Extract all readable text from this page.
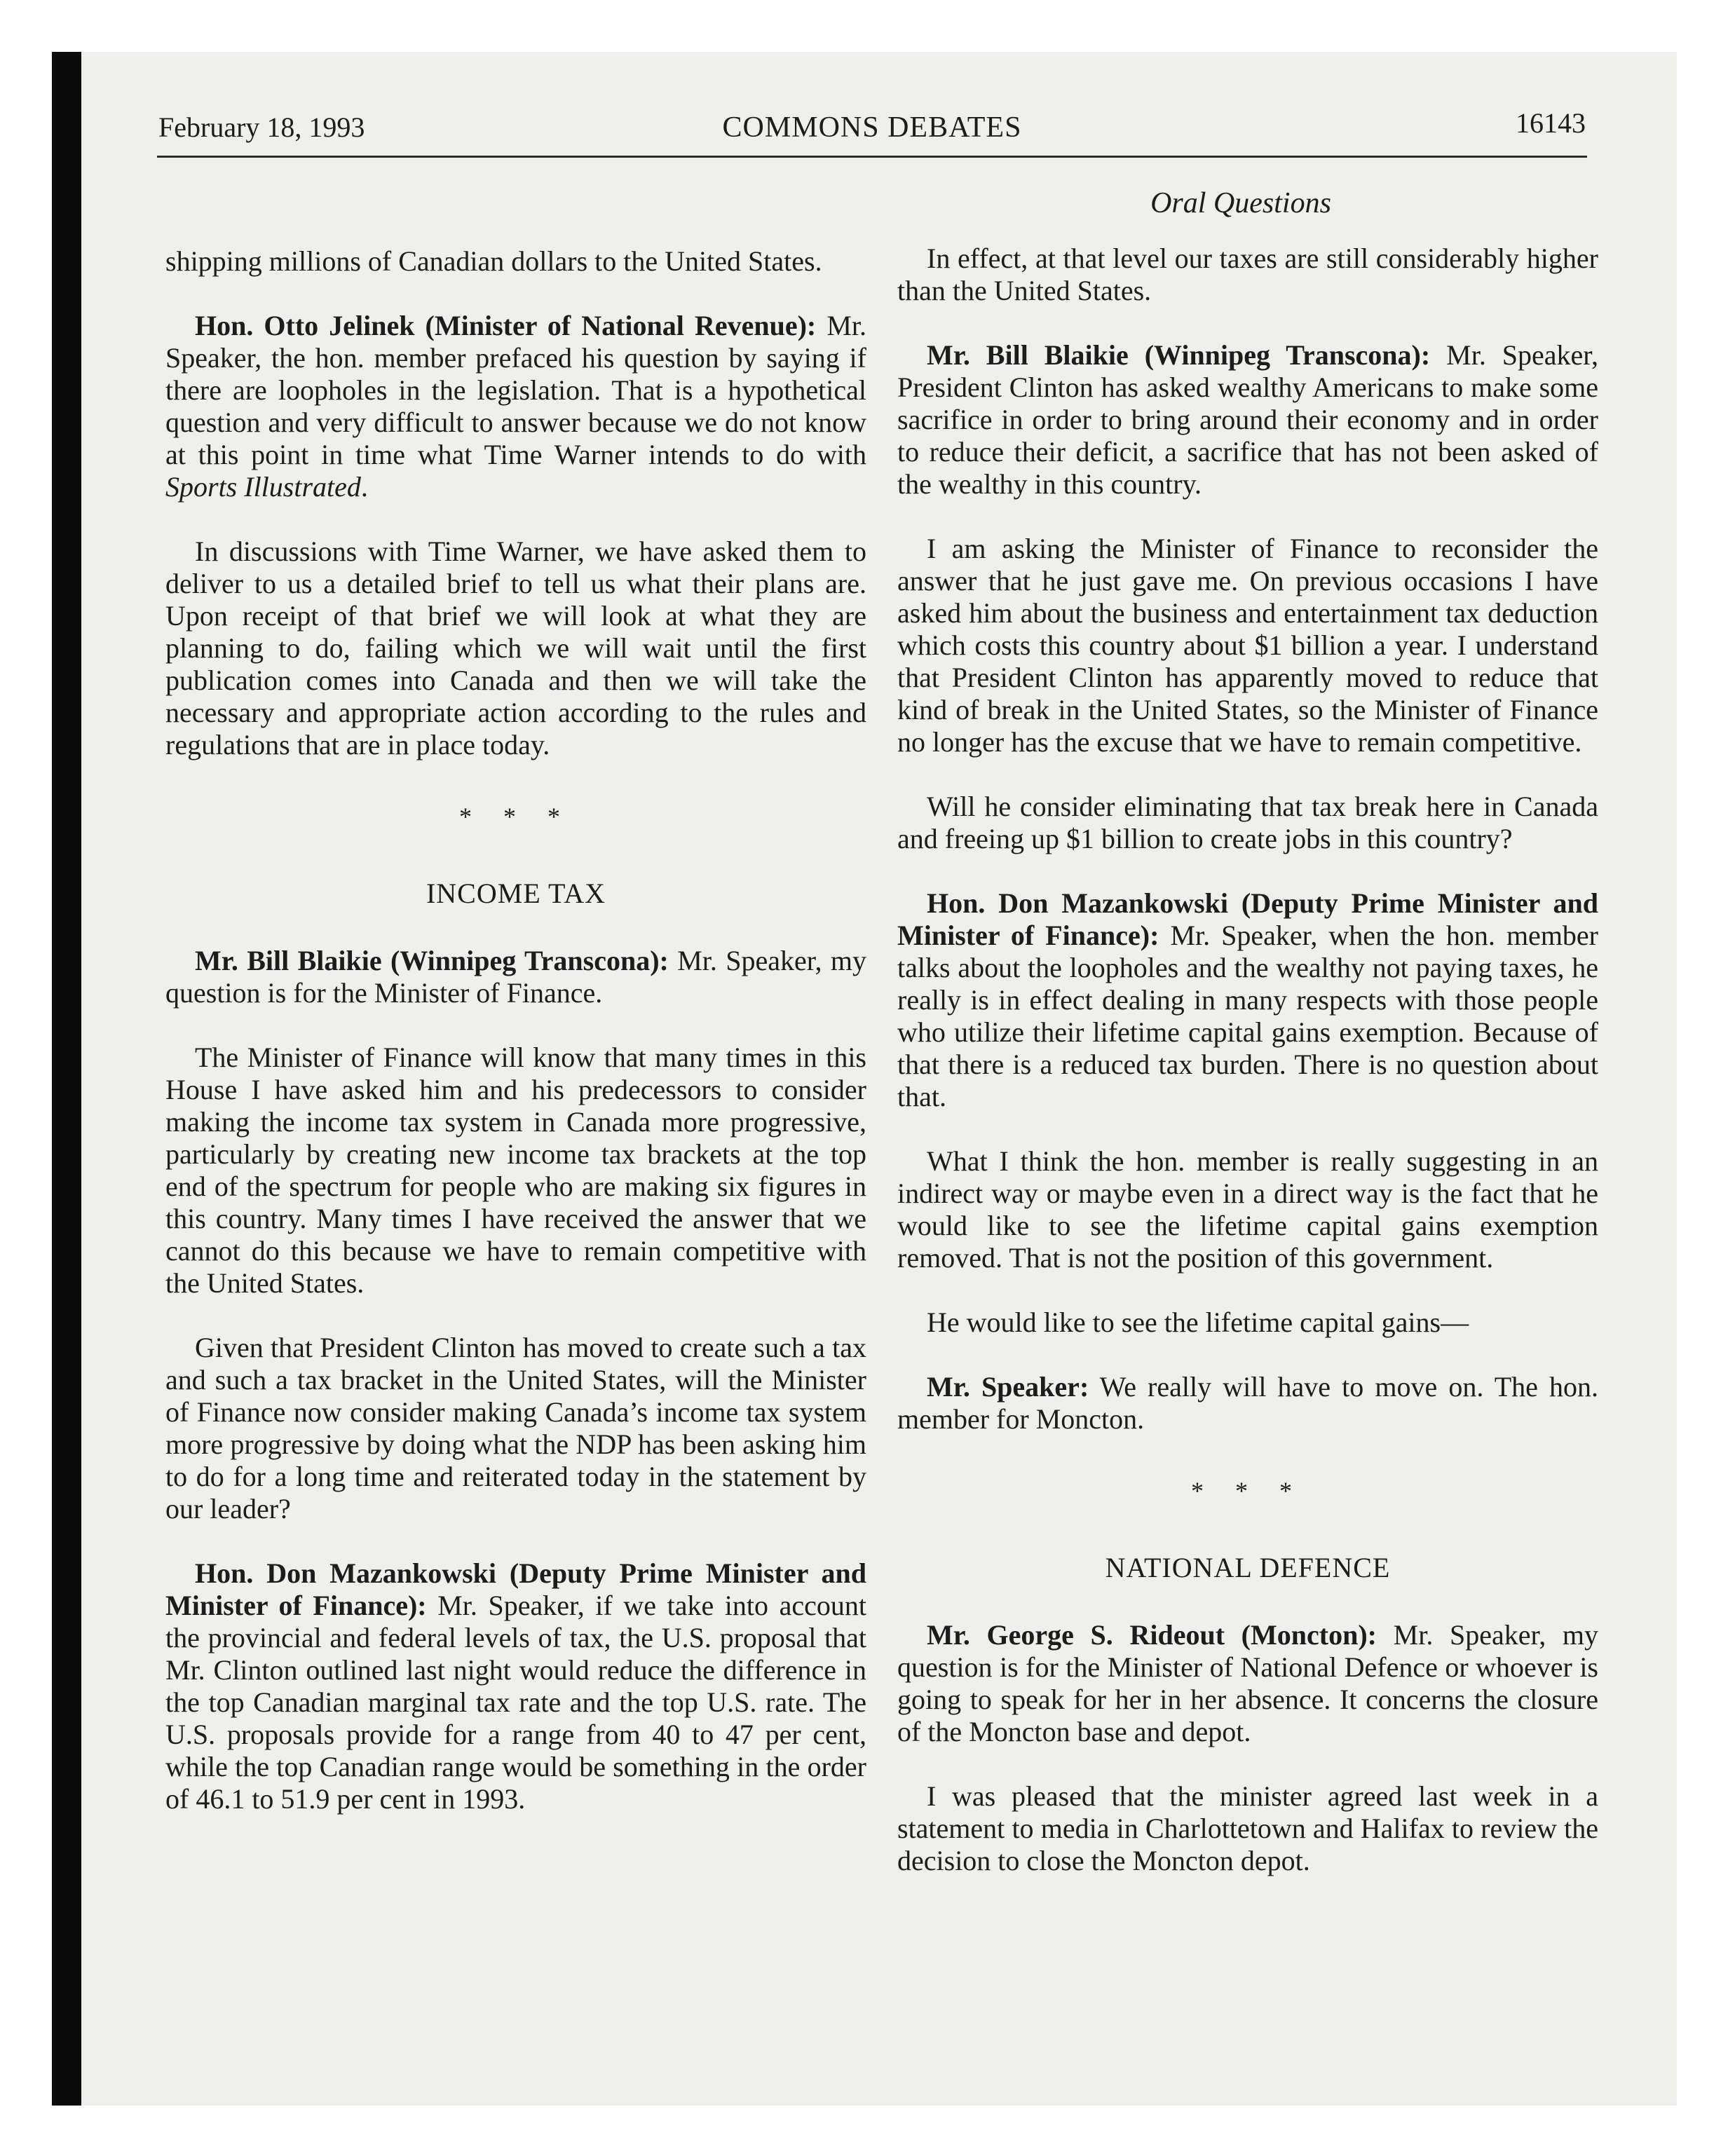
February 18, 1993	COMMONS DEBATES	16143
Oral Questions

shipping millions of Canadian dollars to the United States.

Hon. Otto Jelinek (Minister of National Revenue): Mr. Speaker, the hon. member prefaced his question by saying if there are loopholes in the legislation. That is a hypothetical question and very difficult to answer because we do not know at this point in time what Time Warner intends to do with Sports Illustrated.

In discussions with Time Warner, we have asked them to deliver to us a detailed brief to tell us what their plans are. Upon receipt of that brief we will look at what they are planning to do, failing which we will wait until the first publication comes into Canada and then we will take the necessary and appropriate action according to the rules and regulations that are in place today.

* * *
INCOME TAX

Mr. Bill Blaikie (Winnipeg Transcona): Mr. Speaker, my question is for the Minister of Finance.

The Minister of Finance will know that many times in this House I have asked him and his predecessors to consider making the income tax system in Canada more progressive, particularly by creating new income tax brackets at the top end of the spectrum for people who are making six figures in this country. Many times I have received the answer that we cannot do this because we have to remain competitive with the United States.

Given that President Clinton has moved to create such a tax and such a tax bracket in the United States, will the Minister of Finance now consider making Canada’s income tax system more progressive by doing what the NDP has been asking him to do for a long time and reiterated today in the statement by our leader?

Hon. Don Mazankowski (Deputy Prime Minister and Minister of Finance): Mr. Speaker, if we take into account the provincial and federal levels of tax, the U.S. proposal that Mr. Clinton outlined last night would reduce the difference in the top Canadian marginal tax rate and the top U.S. rate. The U.S. proposals provide for a range from 40 to 47 per cent, while the top Canadian range would be something in the order of 46.1 to 51.9 per cent in 1993.

In effect, at that level our taxes are still considerably higher than the United States.

Mr. Bill Blaikie (Winnipeg Transcona): Mr. Speaker, President Clinton has asked wealthy Americans to make some sacrifice in order to bring around their economy and in order to reduce their deficit, a sacrifice that has not been asked of the wealthy in this country.

I am asking the Minister of Finance to reconsider the answer that he just gave me. On previous occasions I have asked him about the business and entertainment tax deduction which costs this country about $1 billion a year. I understand that President Clinton has apparently moved to reduce that kind of break in the United States, so the Minister of Finance no longer has the excuse that we have to remain competitive.

Will he consider eliminating that tax break here in Canada and freeing up $1 billion to create jobs in this country?

Hon. Don Mazankowski (Deputy Prime Minister and Minister of Finance): Mr. Speaker, when the hon. member talks about the loopholes and the wealthy not paying taxes, he really is in effect dealing in many respects with those people who utilize their lifetime capital gains exemption. Because of that there is a reduced tax burden. There is no question about that.

What I think the hon. member is really suggesting in an indirect way or maybe even in a direct way is the fact that he would like to see the lifetime capital gains exemption removed. That is not the position of this government.

He would like to see the lifetime capital gains—

Mr. Speaker: We really will have to move on. The hon. member for Moncton.

* * *
NATIONAL DEFENCE

Mr. George S. Rideout (Moncton): Mr. Speaker, my question is for the Minister of National Defence or whoever is going to speak for her in her absence. It concerns the closure of the Moncton base and depot.

I was pleased that the minister agreed last week in a statement to media in Charlottetown and Halifax to review the decision to close the Moncton depot.
